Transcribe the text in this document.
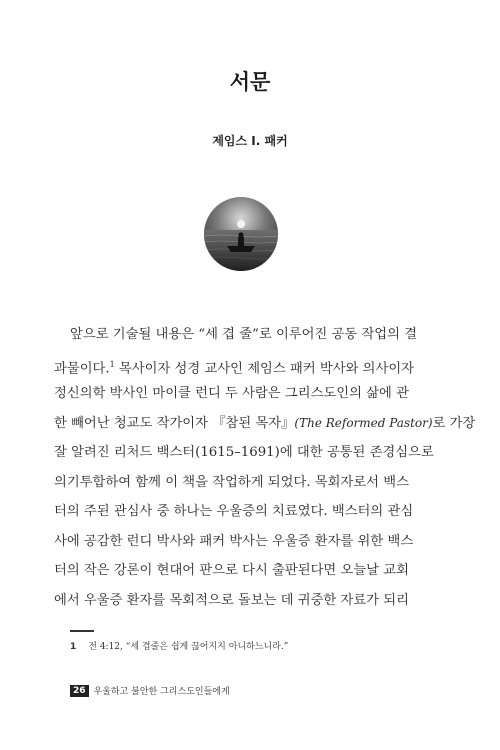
서문
제임스 I. 패커
앞으로 기술될 내용은 “세 겹 줄”로 이루어진 공동 작업의 결
과물이다.$^1$ 목사이자 성경 교사인 제임스 패커 박사와 의사이자
정신의학 박사인 마이클 런디 두 사람은 그리스도인의 삶에 관
한 빼어난 청교도 작가이자 『참된 목자』(The Reformed Pastor)로 가장
잘 알려진 리처드 백스터(1615–1691)에 대한 공통된 존경심으로
의기투합하여 함께 이 책을 작업하게 되었다. 목회자로서 백스
터의 주된 관심사 중 하나는 우울증의 치료였다. 백스터의 관심
사에 공감한 런디 박사와 패커 박사는 우울증 환자를 위한 백스
터의 작은 강론이 현대어 판으로 다시 출판된다면 오늘날 교회
에서 우울증 환자를 목회적으로 돌보는 데 귀중한 자료가 되리
1 전 4:12, “세 겹줄은 쉽게 끊어지지 아니하느니라.”
26 우울하고 불안한 그리스도인들에게
